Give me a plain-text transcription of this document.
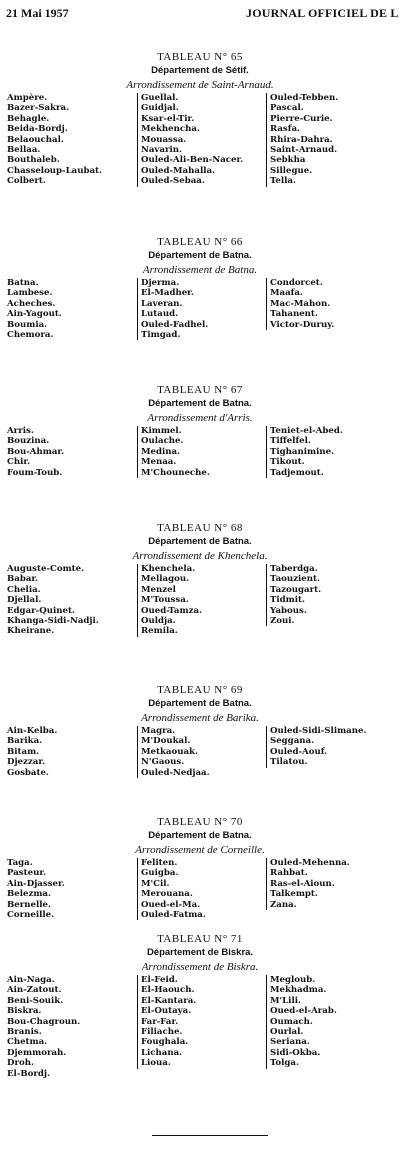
21 Mai 1957	JOURNAL OFFICIEL DE L
TABLEAU N° 65
Département de Sétif.
Arrondissement de Saint-Arnaud.
Ampère.
Bazer-Sakra.
Behagle.
Beida-Bordj.
Belaouchal.
Bellaa.
Bouthaleb.
Chasseloup-Laubat.
Colbert.
Guellal.
Guidjal.
Ksar-el-Tir.
Mekhencha.
Mouassa.
Navarin.
Ouled-Ali-Ben-Nacer.
Ouled-Mahalla.
Ouled-Sebaa.
Ouled-Tebben.
Pascal.
Pierre-Curie.
Rasfa.
Rhira-Dahra.
Saint-Arnaud.
Sebkha
Sillegue.
Tella.
TABLEAU N° 66
Département de Batna.
Arrondissement de Batna.
Batna.
Lambese.
Acheches.
Ain-Yagout.
Boumia.
Chemora.
Djerma.
El-Madher.
Laveran.
Lutaud.
Ouled-Fadhel.
Timgad.
Condorcet.
Maafa.
Mac-Mahon.
Tahanent.
Victor-Duruy.
TABLEAU N° 67
Département de Batna.
Arrondissement d'Arris.
Arris.
Bouzina.
Bou-Ahmar.
Chir.
Foum-Toub.
Kimmel.
Oulache.
Medina.
Menaa.
M'Chouneche.
Teniet-el-Abed.
Tiffelfel.
Tighanimine.
Tikout.
Tadjemout.
TABLEAU N° 68
Département de Batna.
Arrondissement de Khenchela.
Auguste-Comte.
Babar.
Chelia.
Djellal.
Edgar-Quinet.
Khanga-Sidi-Nadji.
Kheirane.
Khenchela.
Mellagou.
Menzel
M'Toussa.
Oued-Tamza.
Ouldja.
Remila.
Taberdga.
Taouzient.
Tazougart.
Tidmit.
Yabous.
Zoui.
TABLEAU N° 69
Département de Batna.
Arrondissement de Barika.
Ain-Kelba.
Barika.
Bitam.
Djezzar.
Gosbate.
Magra.
M'Doukal.
Metkaouak.
N'Gaous.
Ouled-Nedjaa.
Ouled-Sidi-Slimane.
Seggana.
Ouled-Aouf.
Tilatou.
TABLEAU N° 70
Département de Batna.
Arrondissement de Corneille.
Taga.
Pasteur.
Ain-Djasser.
Belezma.
Bernelle.
Corneille.
Feliten.
Guigba.
M'Cil.
Merouana.
Oued-el-Ma.
Ouled-Fatma.
Ouled-Mehenna.
Rahbat.
Ras-el-Aioun.
Talkempt.
Zana.
TABLEAU N° 71
Département de Biskra.
Arrondissement de Biskra.
Ain-Naga.
Ain-Zatout.
Beni-Souik.
Biskra.
Bou-Chagroun.
Branis.
Chetma.
Djemmorah.
Droh.
El-Bordj.
El-Feid.
El-Haouch.
El-Kantara.
El-Outaya.
Far-Far.
Filiache.
Foughala.
Lichana.
Lioua.
Megloub.
Mekhadma.
M'Lili.
Oued-el-Arab.
Oumach.
Ourlal.
Seriana.
Sidi-Okba.
Tolga.
